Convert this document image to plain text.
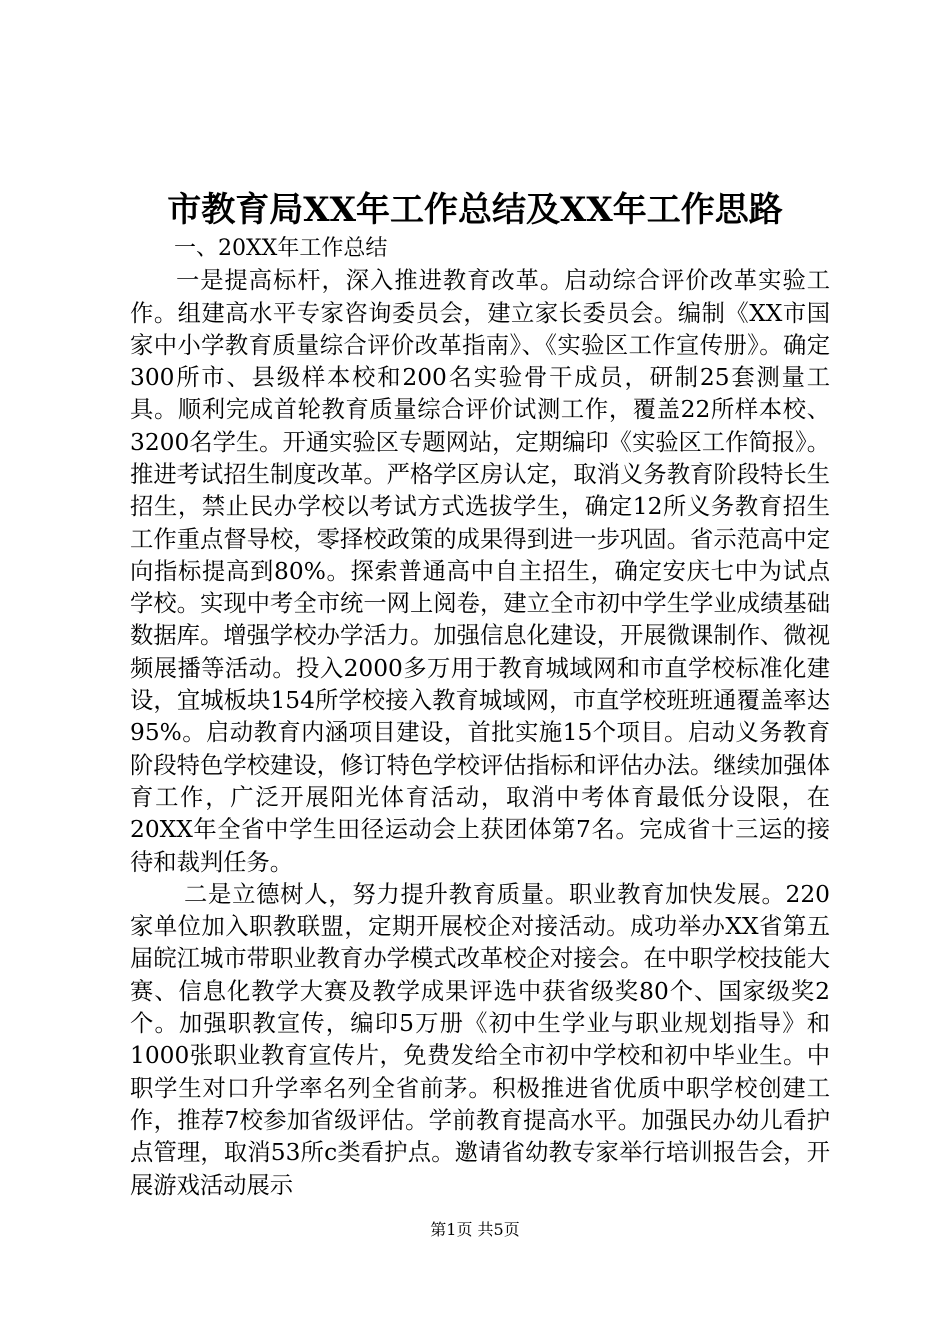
市教育局XX年工作总结及XX年工作思路

一、20XX年工作总结

一是提高标杆，深入推进教育改革。启动综合评价改革实验工作。组建高水平专家咨询委员会，建立家长委员会。编制《XX市国家中小学教育质量综合评价改革指南》、《实验区工作宣传册》。确定300所市、县级样本校和200名实验骨干成员，研制25套测量工具。顺利完成首轮教育质量综合评价试测工作，覆盖22所样本校、3200名学生。开通实验区专题网站，定期编印《实验区工作简报》。推进考试招生制度改革。严格学区房认定，取消义务教育阶段特长生招生，禁止民办学校以考试方式选拔学生，确定12所义务教育招生工作重点督导校，零择校政策的成果得到进一步巩固。省示范高中定向指标提高到80%。探索普通高中自主招生，确定安庆七中为试点学校。实现中考全市统一网上阅卷，建立全市初中学生学业成绩基础数据库。增强学校办学活力。加强信息化建设，开展微课制作、微视频展播等活动。投入2000多万用于教育城域网和市直学校标准化建设，宜城板块154所学校接入教育城域网，市直学校班班通覆盖率达95%。启动教育内涵项目建设，首批实施15个项目。启动义务教育阶段特色学校建设，修订特色学校评估指标和评估办法。继续加强体育工作，广泛开展阳光体育活动，取消中考体育最低分设限，在20XX年全省中学生田径运动会上获团体第7名。完成省十三运的接待和裁判任务。

二是立德树人，努力提升教育质量。职业教育加快发展。220家单位加入职教联盟，定期开展校企对接活动。成功举办XX省第五届皖江城市带职业教育办学模式改革校企对接会。在中职学校技能大赛、信息化教学大赛及教学成果评选中获省级奖80个、国家级奖2个。加强职教宣传，编印5万册《初中生学业与职业规划指导》和1000张职业教育宣传片，免费发给全市初中学校和初中毕业生。中职学生对口升学率名列全省前茅。积极推进省优质中职学校创建工作，推荐7校参加省级评估。学前教育提高水平。加强民办幼儿看护点管理，取消53所c类看护点。邀请省幼教专家举行培训报告会，开展游戏活动展示

第1页 共5页
